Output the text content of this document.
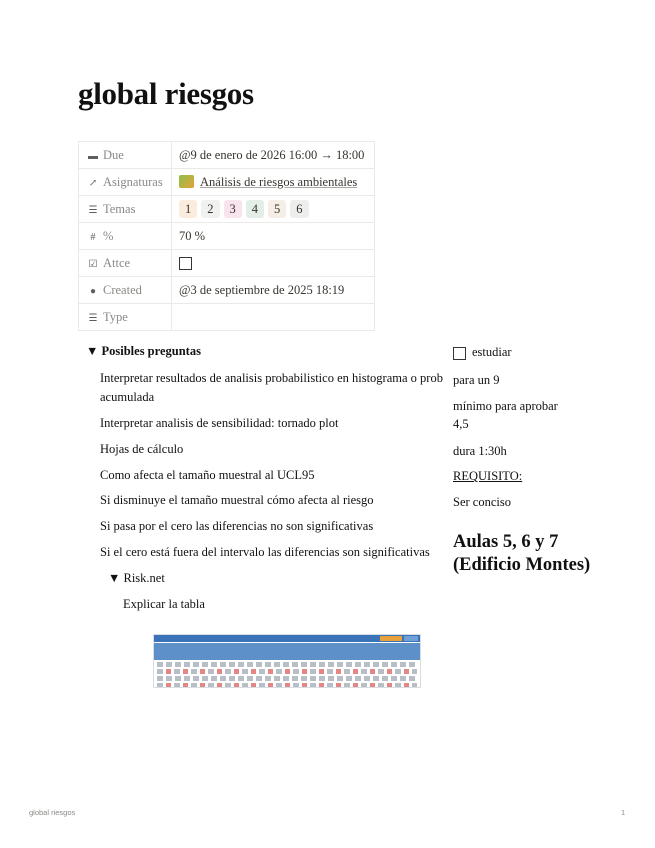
global riesgos
▬ Due	@9 de enero de 2026 16:00 → 18:00
↗ Asignaturas	Análisis de riesgos ambientales
☰ Temas	1 2 3 4 5 6
# %	70 %
☑ Attce	
● Created	@3 de septiembre de 2025 18:19
☰ Type	
▼ Posibles preguntas
Interpretar resultados de analisis probabilistico en histograma o prob
acumulada
Interpretar analisis de sensibilidad: tornado plot
Hojas de cálculo
Como afecta el tamaño muestral al UCL95
Si disminuye el tamaño muestral cómo afecta al riesgo
Si pasa por el cero las diferencias no son significativas
Si el cero está fuera del intervalo las diferencias son significativas
▼ Risk.net
Explicar la tabla
estudiar
para un 9
mínimo para aprobar
4,5
dura 1:30h
REQUISITO:
Ser conciso
Aulas 5, 6 y 7 (Edificio Montes)
global riesgos	1
